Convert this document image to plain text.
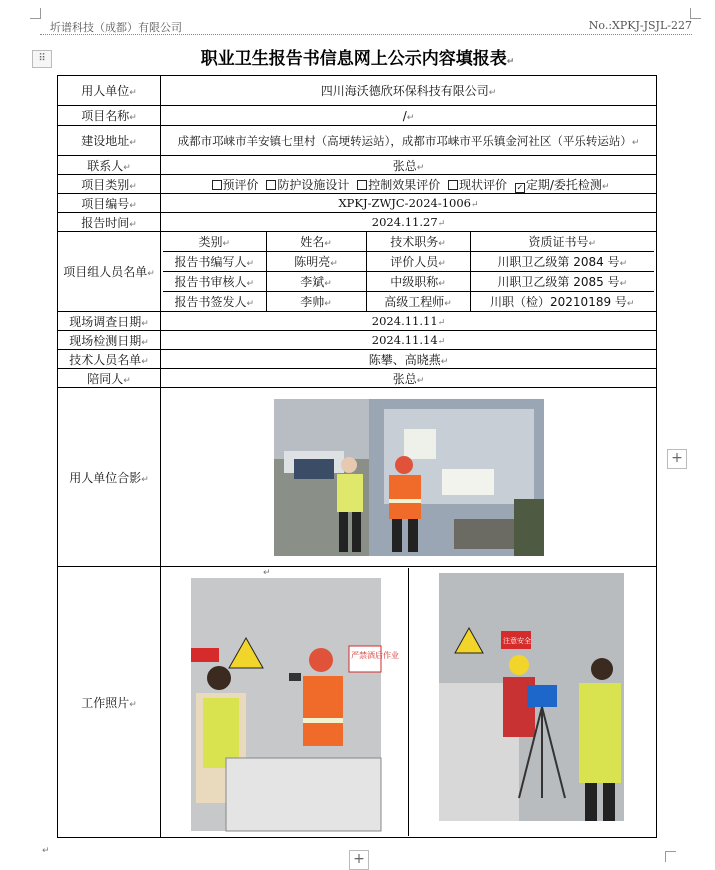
圻谱科技（成都）有限公司	No.:XPKJ-JSJL-227
⠿	职业卫生报告书信息网上公示内容填报表↵
用人单位↵	四川海沃德欣环保科技有限公司↵
项目名称↵	/↵
建设地址↵	成都市邛崃市羊安镇七里村（高埂转运站），成都市邛崃市平乐镇金河社区（平乐转运站）↵
联系人↵	张总↵
项目类别↵	预评价 防护设施设计 控制效果评价 现状评价 ✓ 定期/委托检测↵
项目编号↵	XPKJ-ZWJC-2024-1006↵
报告时间↵	2024.11.27↵
项目组人员名单↵	
类别↵	姓名↵	技术职务↵	资质证书号↵
报告书编写人↵	陈明亮↵	评价人员↵	川职卫乙级第 2084 号↵
报告书审核人↵	李斌↵	中级职称↵	川职卫乙级第 2085 号↵
报告书签发人↵	李帅↵	高级工程师↵	川职（检）20210189 号↵

现场调查日期↵	2024.11.11↵
现场检测日期↵	2024.11.14↵
技术人员名单↵	陈攀、高晓燕↵
陪同人↵	张总↵
用人单位合影↵	

工作照片↵	
↵
严禁酒后作业

注意安全
+
+
↵
